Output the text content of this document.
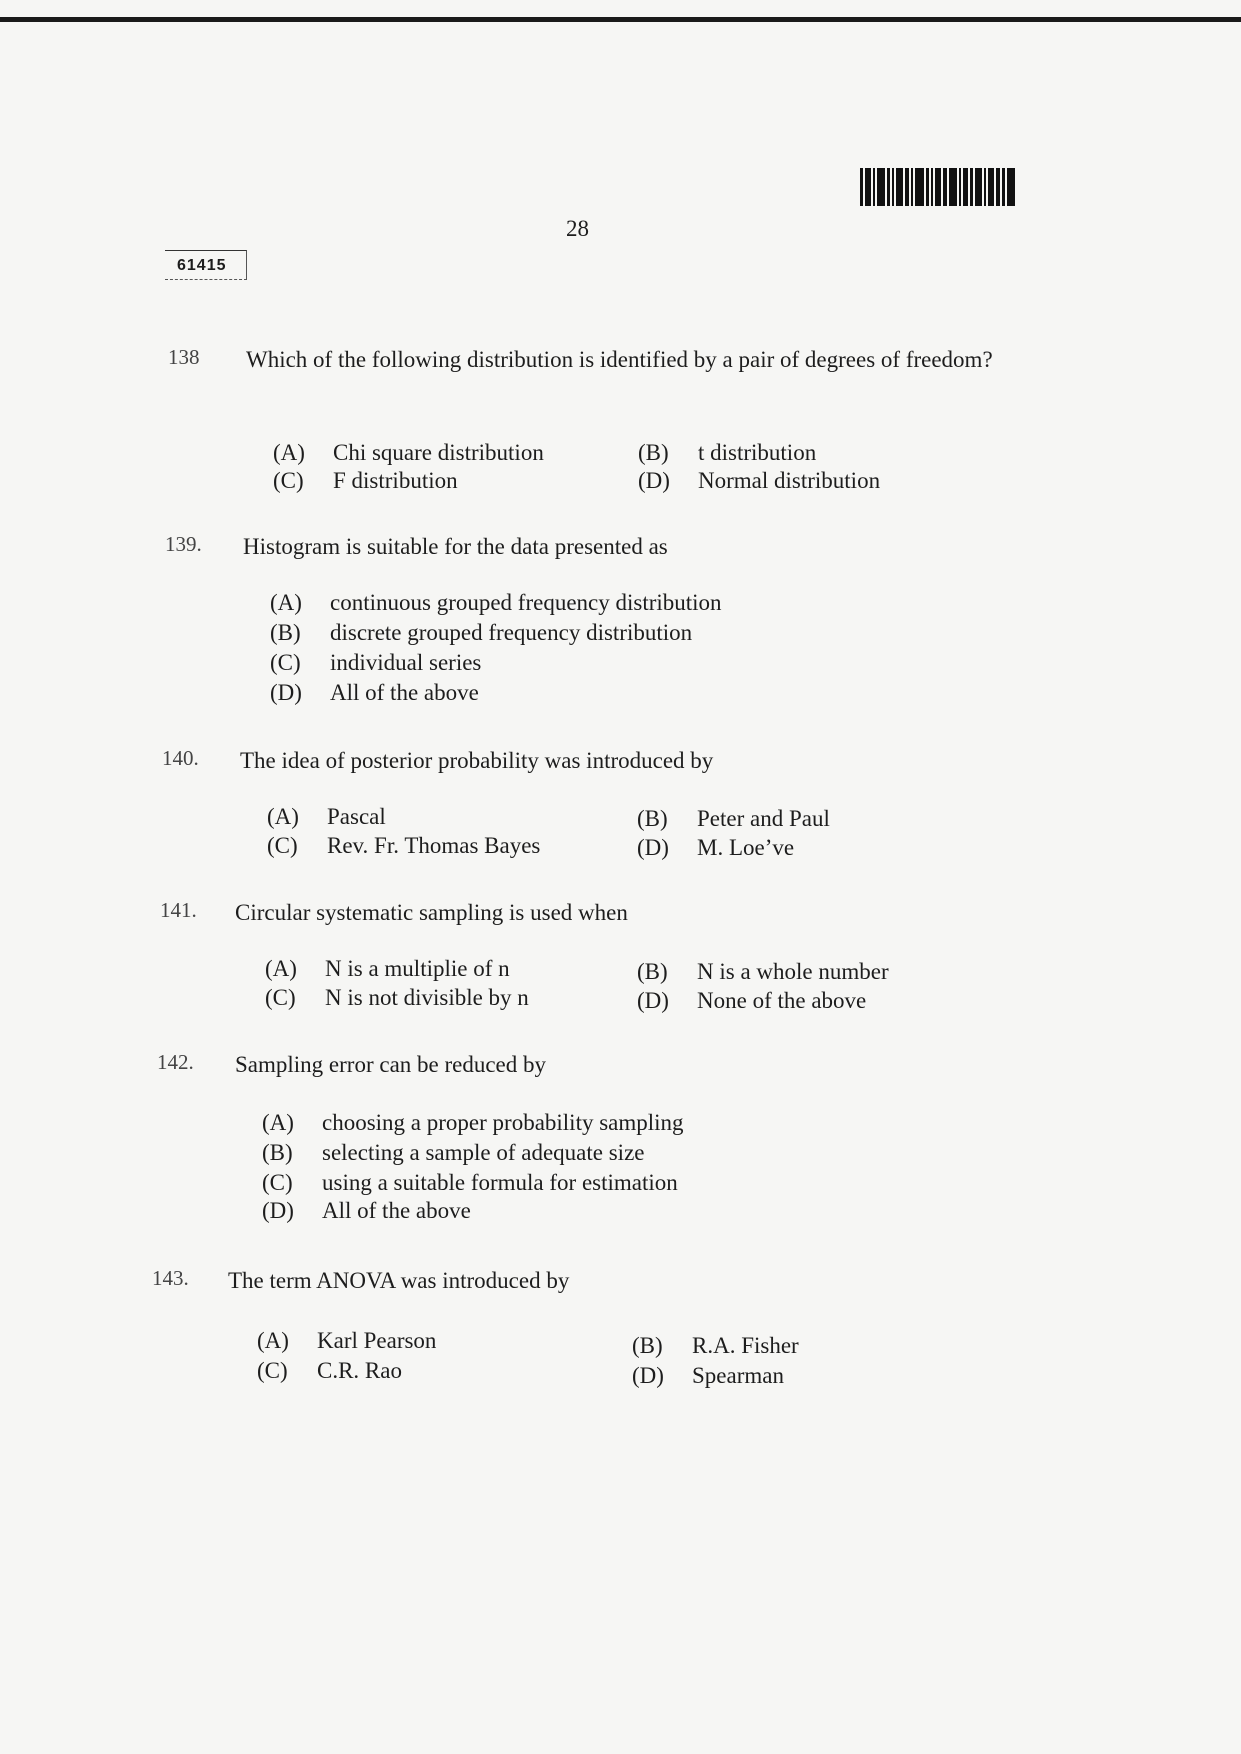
28
61415
138 Which of the following distribution is identified by a pair of degrees of freedom?
(A) Chi square distribution	(B) t distribution
(C) F distribution	(D) Normal distribution
139. Histogram is suitable for the data presented as
(A) continuous grouped frequency distribution
(B) discrete grouped frequency distribution
(C) individual series
(D) All of the above
140. The idea of posterior probability was introduced by
(A) Pascal	(B) Peter and Paul
(C) Rev. Fr. Thomas Bayes	(D) M. Loe’ve
141. Circular systematic sampling is used when
(A) N is a multiplie of n	(B) N is a whole number
(C) N is not divisible by n	(D) None of the above
142. Sampling error can be reduced by
(A) choosing a proper probability sampling
(B) selecting a sample of adequate size
(C) using a suitable formula for estimation
(D) All of the above
143. The term ANOVA was introduced by
(A) Karl Pearson	(B) R.A. Fisher
(C) C.R. Rao	(D) Spearman
